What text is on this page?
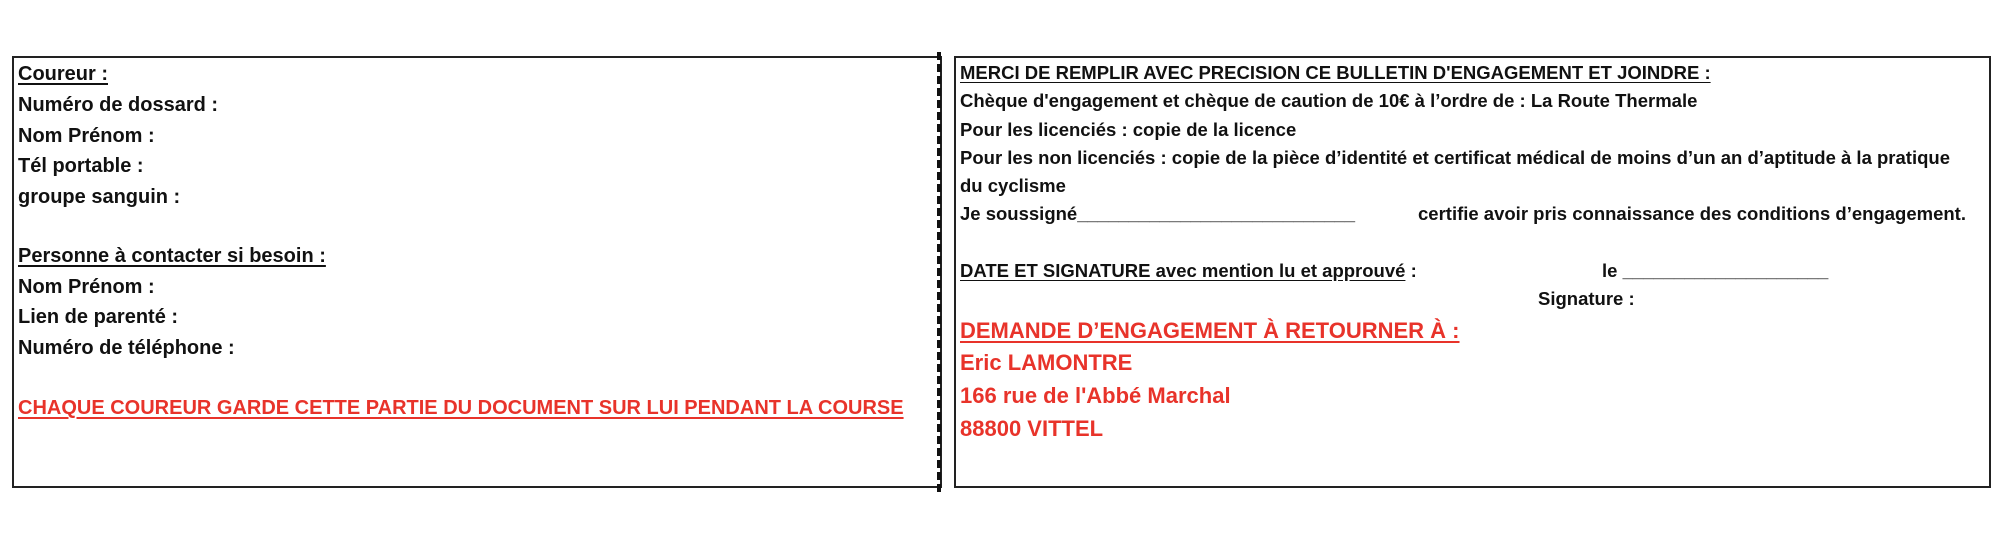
Coureur :
Numéro de dossard :
Nom Prénom :
Tél portable :
groupe sanguin :
Personne à contacter si besoin :
Nom Prénom :
Lien de parenté :
Numéro de téléphone :
CHAQUE COUREUR GARDE CETTE PARTIE DU DOCUMENT SUR LUI PENDANT LA COURSE
MERCI DE REMPLIR AVEC PRECISION CE BULLETIN D'ENGAGEMENT ET JOINDRE :
Chèque d'engagement et chèque de caution de 10€ à l’ordre de : La Route Thermale
Pour les licenciés : copie de la licence
Pour les non licenciés : copie de la pièce d’identité et certificat médical de moins d’un an d’aptitude à la pratique
du cyclisme
Je soussigné___________________________	certifie avoir pris connaissance des conditions d’engagement.
DATE ET SIGNATURE avec mention lu et approuvé :	le ____________________
Signature :
DEMANDE D’ENGAGEMENT À RETOURNER À :
Eric LAMONTRE
166 rue de l'Abbé Marchal
88800 VITTEL
